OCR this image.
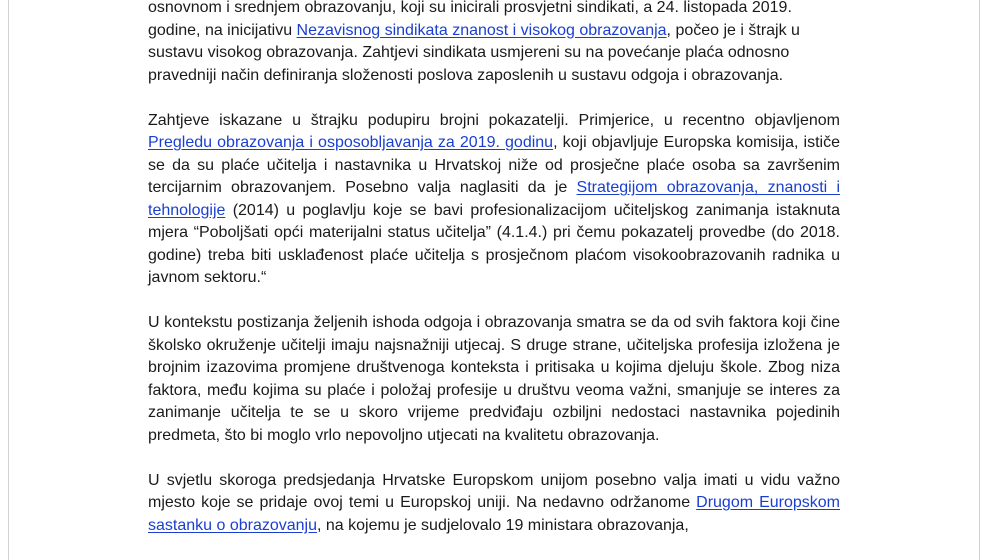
osnovnom i srednjem obrazovanju, koji su inicirali prosvjetni sindikati, a 24. listopada 2019. godine, na inicijativu Nezavisnog sindikata znanost i visokog obrazovanja, počeo je i štrajk u sustavu visokog obrazovanja. Zahtjevi sindikata usmjereni su na povećanje plaća odnosno pravedniji način definiranja složenosti poslova zaposlenih u sustavu odgoja i obrazovanja.

Zahtjeve iskazane u štrajku podupiru brojni pokazatelji. Primjerice, u recentno objavljenom Pregledu obrazovanja i osposobljavanja za 2019. godinu, koji objavljuje Europska komisija, ističe se da su plaće učitelja i nastavnika u Hrvatskoj niže od prosječne plaće osoba sa završenim tercijarnim obrazovanjem. Posebno valja naglasiti da je Strategijom obrazovanja, znanosti i tehnologije (2014) u poglavlju koje se bavi profesionalizacijom učiteljskog zanimanja istaknuta mjera “Poboljšati opći materijalni status učitelja” (4.1.4.) pri čemu pokazatelj provedbe (do 2018. godine) treba biti usklađenost plaće učitelja s prosječnom plaćom visokoobrazovanih radnika u javnom sektoru.“

U kontekstu postizanja željenih ishoda odgoja i obrazovanja smatra se da od svih faktora koji čine školsko okruženje učitelji imaju najsnažniji utjecaj. S druge strane, učiteljska profesija izložena je brojnim izazovima promjene društvenoga konteksta i pritisaka u kojima djeluju škole. Zbog niza faktora, među kojima su plaće i položaj profesije u društvu veoma važni, smanjuje se interes za zanimanje učitelja te se u skoro vrijeme predviđaju ozbiljni nedostaci nastavnika pojedinih predmeta, što bi moglo vrlo nepovoljno utjecati na kvalitetu obrazovanja.

U svjetlu skoroga predsjedanja Hrvatske Europskom unijom posebno valja imati u vidu važno mjesto koje se pridaje ovoj temi u Europskoj uniji. Na nedavno održanome Drugom Europskom sastanku o obrazovanju, na kojemu je sudjelovalo 19 ministara obrazovanja,
